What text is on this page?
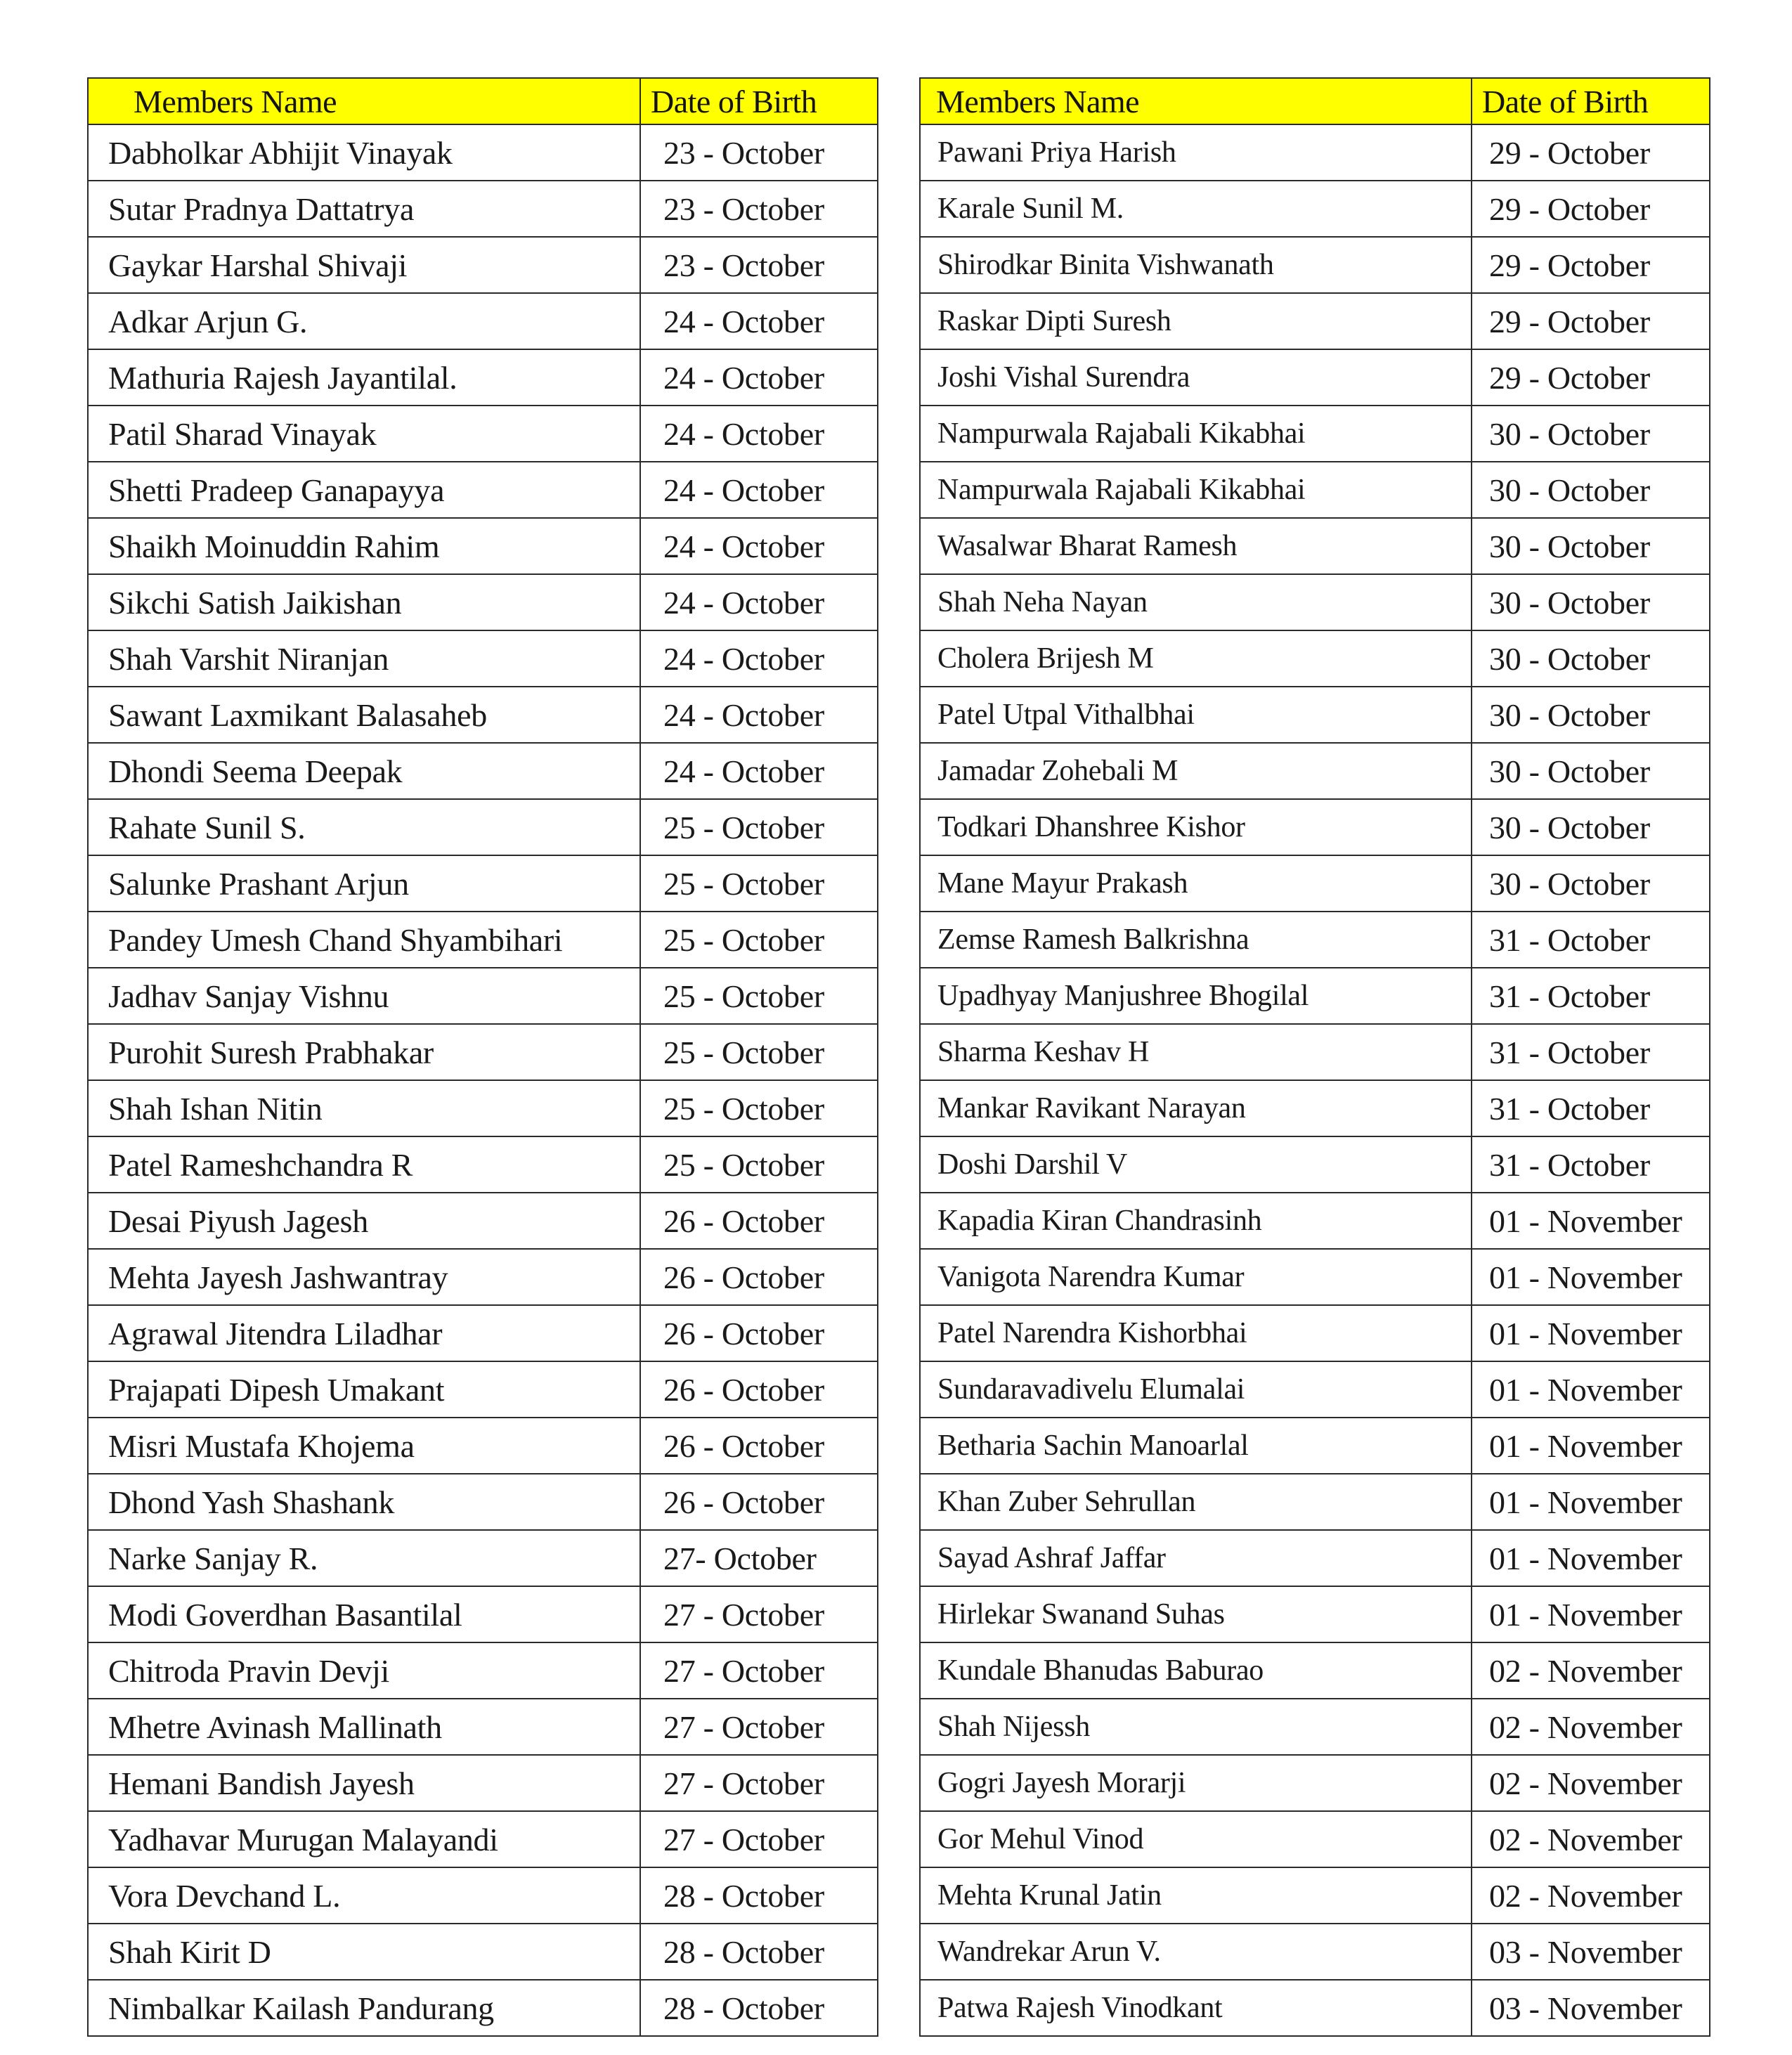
Members Name	Date of Birth
Dabholkar Abhijit Vinayak	23 - October
Sutar Pradnya Dattatrya	23 - October
Gaykar Harshal Shivaji	23 - October
Adkar Arjun G.	24 - October
Mathuria Rajesh Jayantilal.	24 - October
Patil Sharad Vinayak	24 - October
Shetti Pradeep Ganapayya	24 - October
Shaikh Moinuddin Rahim	24 - October
Sikchi Satish Jaikishan	24 - October
Shah Varshit Niranjan	24 - October
Sawant Laxmikant Balasaheb	24 - October
Dhondi Seema Deepak	24 - October
Rahate Sunil S.	25 - October
Salunke Prashant Arjun	25 - October
Pandey Umesh Chand Shyambihari	25 - October
Jadhav Sanjay Vishnu	25 - October
Purohit Suresh Prabhakar	25 - October
Shah Ishan Nitin	25 - October
Patel Rameshchandra R	25 - October
Desai Piyush Jagesh	26 - October
Mehta Jayesh Jashwantray	26 - October
Agrawal Jitendra Liladhar	26 - October
Prajapati Dipesh Umakant	26 - October
Misri Mustafa Khojema	26 - October
Dhond Yash Shashank	26 - October
Narke Sanjay R.	27- October
Modi Goverdhan Basantilal	27 - October
Chitroda Pravin Devji	27 - October
Mhetre Avinash Mallinath	27 - October
Hemani Bandish Jayesh	27 - October
Yadhavar Murugan Malayandi	27 - October
Vora Devchand L.	28 - October
Shah Kirit D	28 - October
Nimbalkar Kailash Pandurang	28 - October
Members Name	Date of Birth
Pawani Priya Harish	29 - October
Karale Sunil M.	29 - October
Shirodkar Binita Vishwanath	29 - October
Raskar Dipti Suresh	29 - October
Joshi Vishal Surendra	29 - October
Nampurwala Rajabali Kikabhai	30 - October
Nampurwala Rajabali Kikabhai	30 - October
Wasalwar Bharat Ramesh	30 - October
Shah Neha Nayan	30 - October
Cholera Brijesh M	30 - October
Patel Utpal Vithalbhai	30 - October
Jamadar Zohebali M	30 - October
Todkari Dhanshree Kishor	30 - October
Mane Mayur Prakash	30 - October
Zemse Ramesh Balkrishna	31 - October
Upadhyay Manjushree Bhogilal	31 - October
Sharma Keshav H	31 - October
Mankar Ravikant Narayan	31 - October
Doshi Darshil V	31 - October
Kapadia Kiran Chandrasinh	01 - November
Vanigota Narendra Kumar	01 - November
Patel Narendra Kishorbhai	01 - November
Sundaravadivelu Elumalai	01 - November
Betharia Sachin Manoarlal	01 - November
Khan Zuber Sehrullan	01 - November
Sayad Ashraf Jaffar	01 - November
Hirlekar Swanand Suhas	01 - November
Kundale Bhanudas Baburao	02 - November
Shah Nijessh	02 - November
Gogri Jayesh Morarji	02 - November
Gor Mehul Vinod	02 - November
Mehta Krunal Jatin	02 - November
Wandrekar Arun V.	03 - November
Patwa Rajesh Vinodkant	03 - November
